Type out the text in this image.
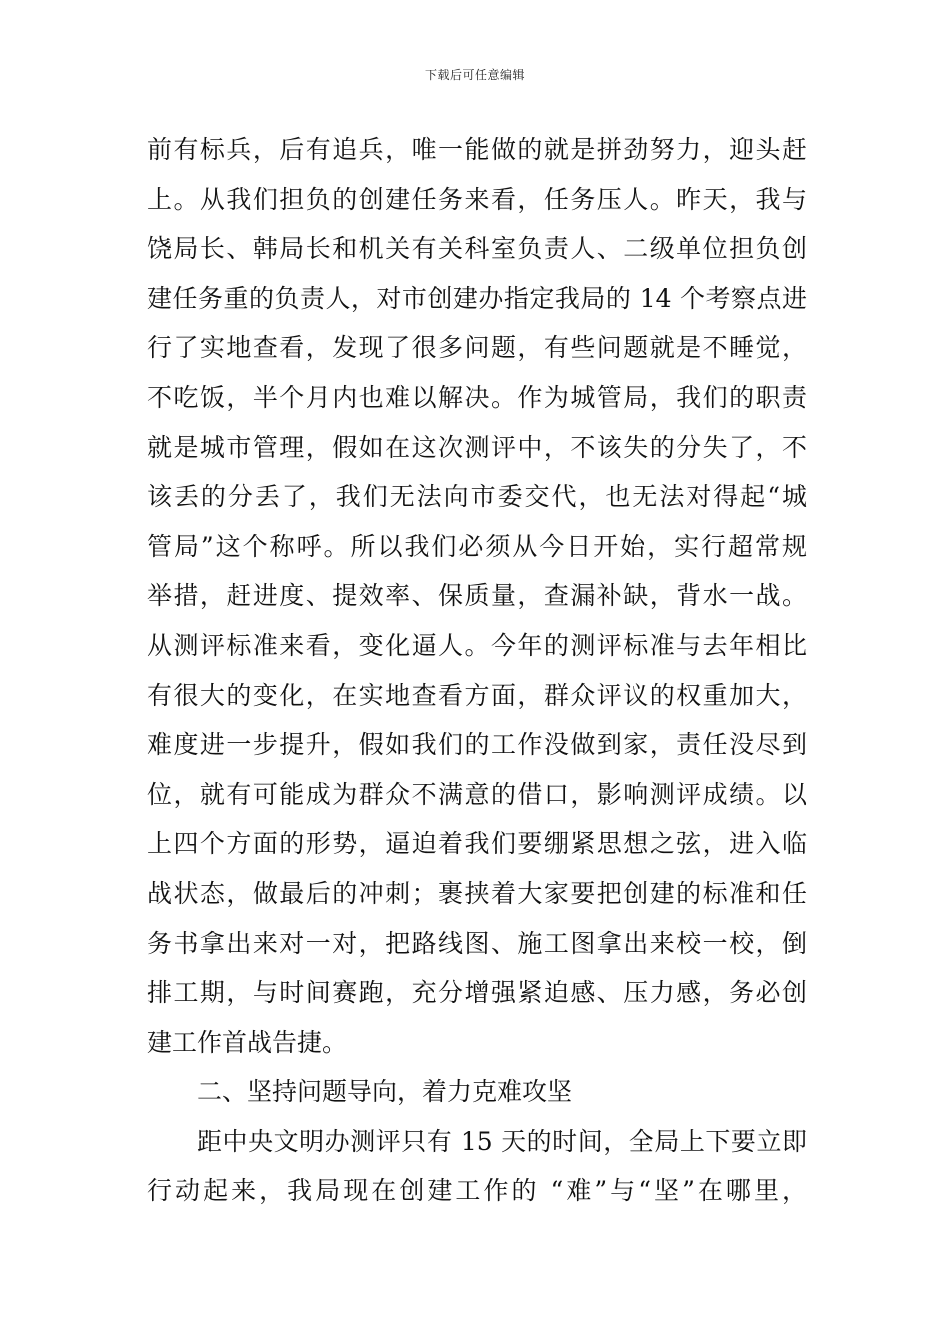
下载后可任意编辑
前有标兵，后有追兵，唯一能做的就是拼劲努力，迎头赶
上。从我们担负的创建任务来看，任务压人。昨天，我与
饶局长、韩局长和机关有关科室负责人、二级单位担负创
建任务重的负责人，对市创建办指定我局的 14 个考察点进
行了实地查看，发现了很多问题，有些问题就是不睡觉，
不吃饭，半个月内也难以解决。作为城管局，我们的职责
就是城市管理，假如在这次测评中，不该失的分失了，不
该丢的分丢了，我们无法向市委交代，也无法对得起“城
管局”这个称呼。所以我们必须从今日开始，实行超常规
举措，赶进度、提效率、保质量，查漏补缺，背水一战。
从测评标准来看，变化逼人。今年的测评标准与去年相比
有很大的变化，在实地查看方面，群众评议的权重加大，
难度进一步提升，假如我们的工作没做到家，责任没尽到
位，就有可能成为群众不满意的借口，影响测评成绩。以
上四个方面的形势，逼迫着我们要绷紧思想之弦，进入临
战状态，做最后的冲刺；裹挟着大家要把创建的标准和任
务书拿出来对一对，把路线图、施工图拿出来校一校，倒
排工期，与时间赛跑，充分增强紧迫感、压力感，务必创
建工作首战告捷。
二、坚持问题导向，着力克难攻坚
距中央文明办测评只有 15 天的时间，全局上下要立即
行动起来，我局现在创建工作的 “难”与“坚”在哪里，
